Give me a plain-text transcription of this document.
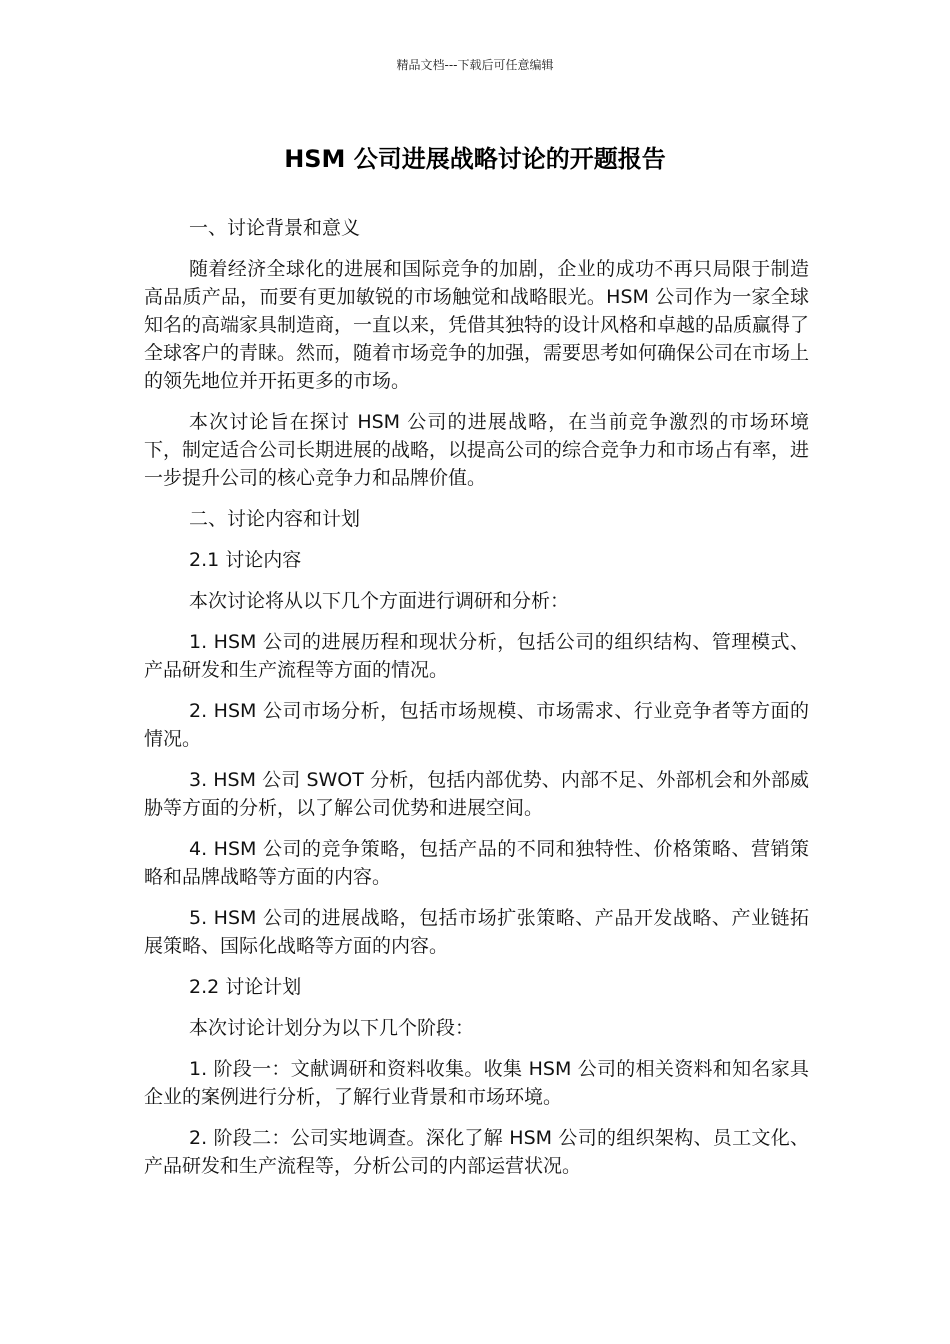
精品文档---下载后可任意编辑
HSM 公司进展战略讨论的开题报告

一、讨论背景和意义

随着经济全球化的进展和国际竞争的加剧，企业的成功不再只局限于制造高品质产品，而要有更加敏锐的市场触觉和战略眼光。HSM 公司作为一家全球知名的高端家具制造商，一直以来，凭借其独特的设计风格和卓越的品质赢得了全球客户的青睐。然而，随着市场竞争的加强，需要思考如何确保公司在市场上的领先地位并开拓更多的市场。

本次讨论旨在探讨 HSM 公司的进展战略，在当前竞争激烈的市场环境下，制定适合公司长期进展的战略，以提高公司的综合竞争力和市场占有率，进一步提升公司的核心竞争力和品牌价值。

二、讨论内容和计划

2.1 讨论内容

本次讨论将从以下几个方面进行调研和分析：

1. HSM 公司的进展历程和现状分析，包括公司的组织结构、管理模式、产品研发和生产流程等方面的情况。

2. HSM 公司市场分析，包括市场规模、市场需求、行业竞争者等方面的情况。

3. HSM 公司 SWOT 分析，包括内部优势、内部不足、外部机会和外部威胁等方面的分析，以了解公司优势和进展空间。

4. HSM 公司的竞争策略，包括产品的不同和独特性、价格策略、营销策略和品牌战略等方面的内容。

5. HSM 公司的进展战略，包括市场扩张策略、产品开发战略、产业链拓展策略、国际化战略等方面的内容。

2.2 讨论计划

本次讨论计划分为以下几个阶段：

1. 阶段一：文献调研和资料收集。收集 HSM 公司的相关资料和知名家具企业的案例进行分析，了解行业背景和市场环境。

2. 阶段二：公司实地调查。深化了解 HSM 公司的组织架构、员工文化、产品研发和生产流程等，分析公司的内部运营状况。
